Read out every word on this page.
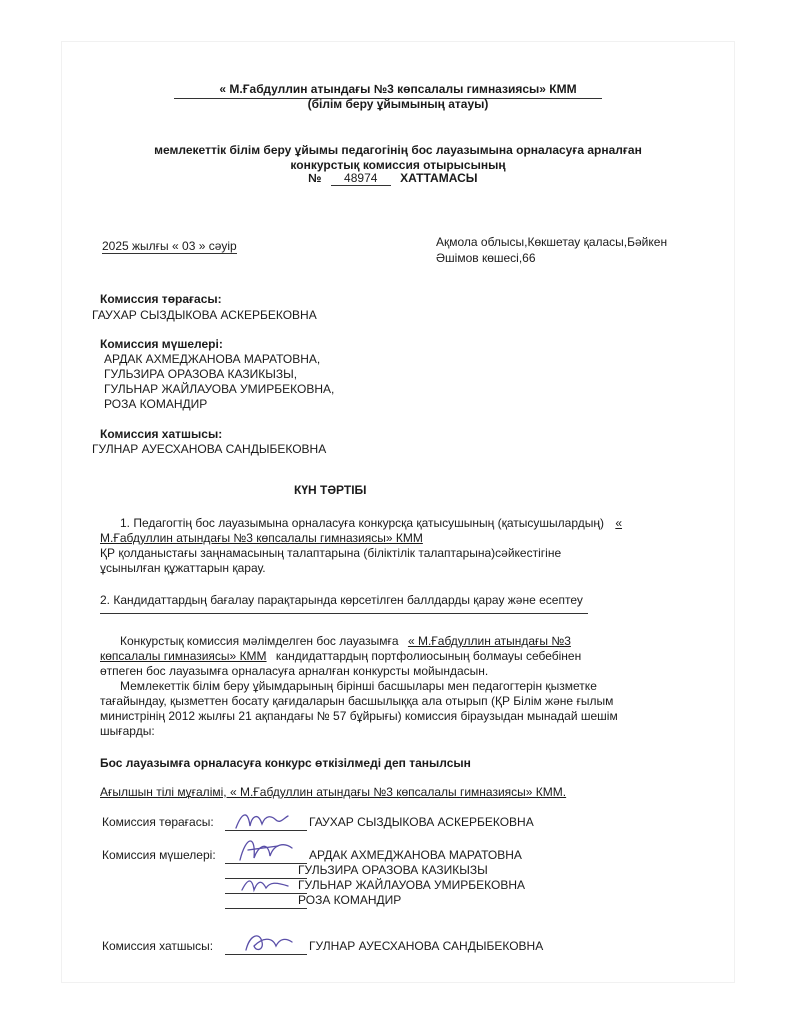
« М.Ғабдуллин атындағы №3 көпсалалы гимназиясы» КММ
(білім беру ұйымының атауы)
мемлекеттік білім беру ұйымы педагогінің бос лауазымына орналасуға арналған
конкурстық комиссия отырысының
№ 48974 ХАТТАМАСЫ
2025 жылғы « 03 » сәуір	Ақмола облысы,Көкшетау қаласы,Бәйкен
Әшімов көшесі,66
Комиссия төрағасы:
ГАУХАР СЫЗДЫКОВА АСКЕРБЕКОВНА
Комиссия мүшелері:
АРДАК АХМЕДЖАНОВА МАРАТОВНА,
ГУЛЬЗИРА ОРАЗОВА КАЗИКЫЗЫ,
ГУЛЬНАР ЖАЙЛАУОВА УМИРБЕКОВНА,
РОЗА КОМАНДИР
Комиссия хатшысы:
ГУЛНАР АУЕСХАНОВА САНДЫБЕКОВНА
КҮН ТӘРТІБІ
1. Педагогтің бос лауазымына орналасуға конкурсқа қатысушының (қатысушылардың) «
М.Ғабдуллин атындағы №3 көпсалалы гимназиясы» КММ
ҚР қолданыстағы заңнамасының талаптарына (біліктілік талаптарына)сәйкестігіне
ұсынылған құжаттарын қарау.
2. Кандидаттардың бағалау парақтарында көрсетілген баллдарды қарау және есептеу
Конкурстық комиссия мәлімделген бос лауазымға « М.Ғабдуллин атындағы №3
көпсалалы гимназиясы» КММ кандидаттардың портфолиосының болмауы себебінен
өтпеген бос лауазымға орналасуға арналған конкурсты мойындасын.
Мемлекеттік білім беру ұйымдарының бірінші басшылары мен педагогтерін қызметке
тағайындау, қызметтен босату қағидаларын басшылыққа ала отырып (ҚР Білім және ғылым
министрінің 2012 жылғы 21 ақпандағы № 57 бұйрығы) комиссия біраузыдан мынадай шешім
шығарды:
Бос лауазымға орналасуға конкурс өткізілмеді деп танылсын
Ағылшын тілі мұғалімі, « М.Ғабдуллин атындағы №3 көпсалалы гимназиясы» КММ.
Комиссия төрағасы:	ГАУХАР СЫЗДЫКОВА АСКЕРБЕКОВНА
Комиссия мүшелері:	АРДАК АХМЕДЖАНОВА МАРАТОВНА
ГУЛЬЗИРА ОРАЗОВА КАЗИКЫЗЫ
ГУЛЬНАР ЖАЙЛАУОВА УМИРБЕКОВНА
РОЗА КОМАНДИР
Комиссия хатшысы:	ГУЛНАР АУЕСХАНОВА САНДЫБЕКОВНА
